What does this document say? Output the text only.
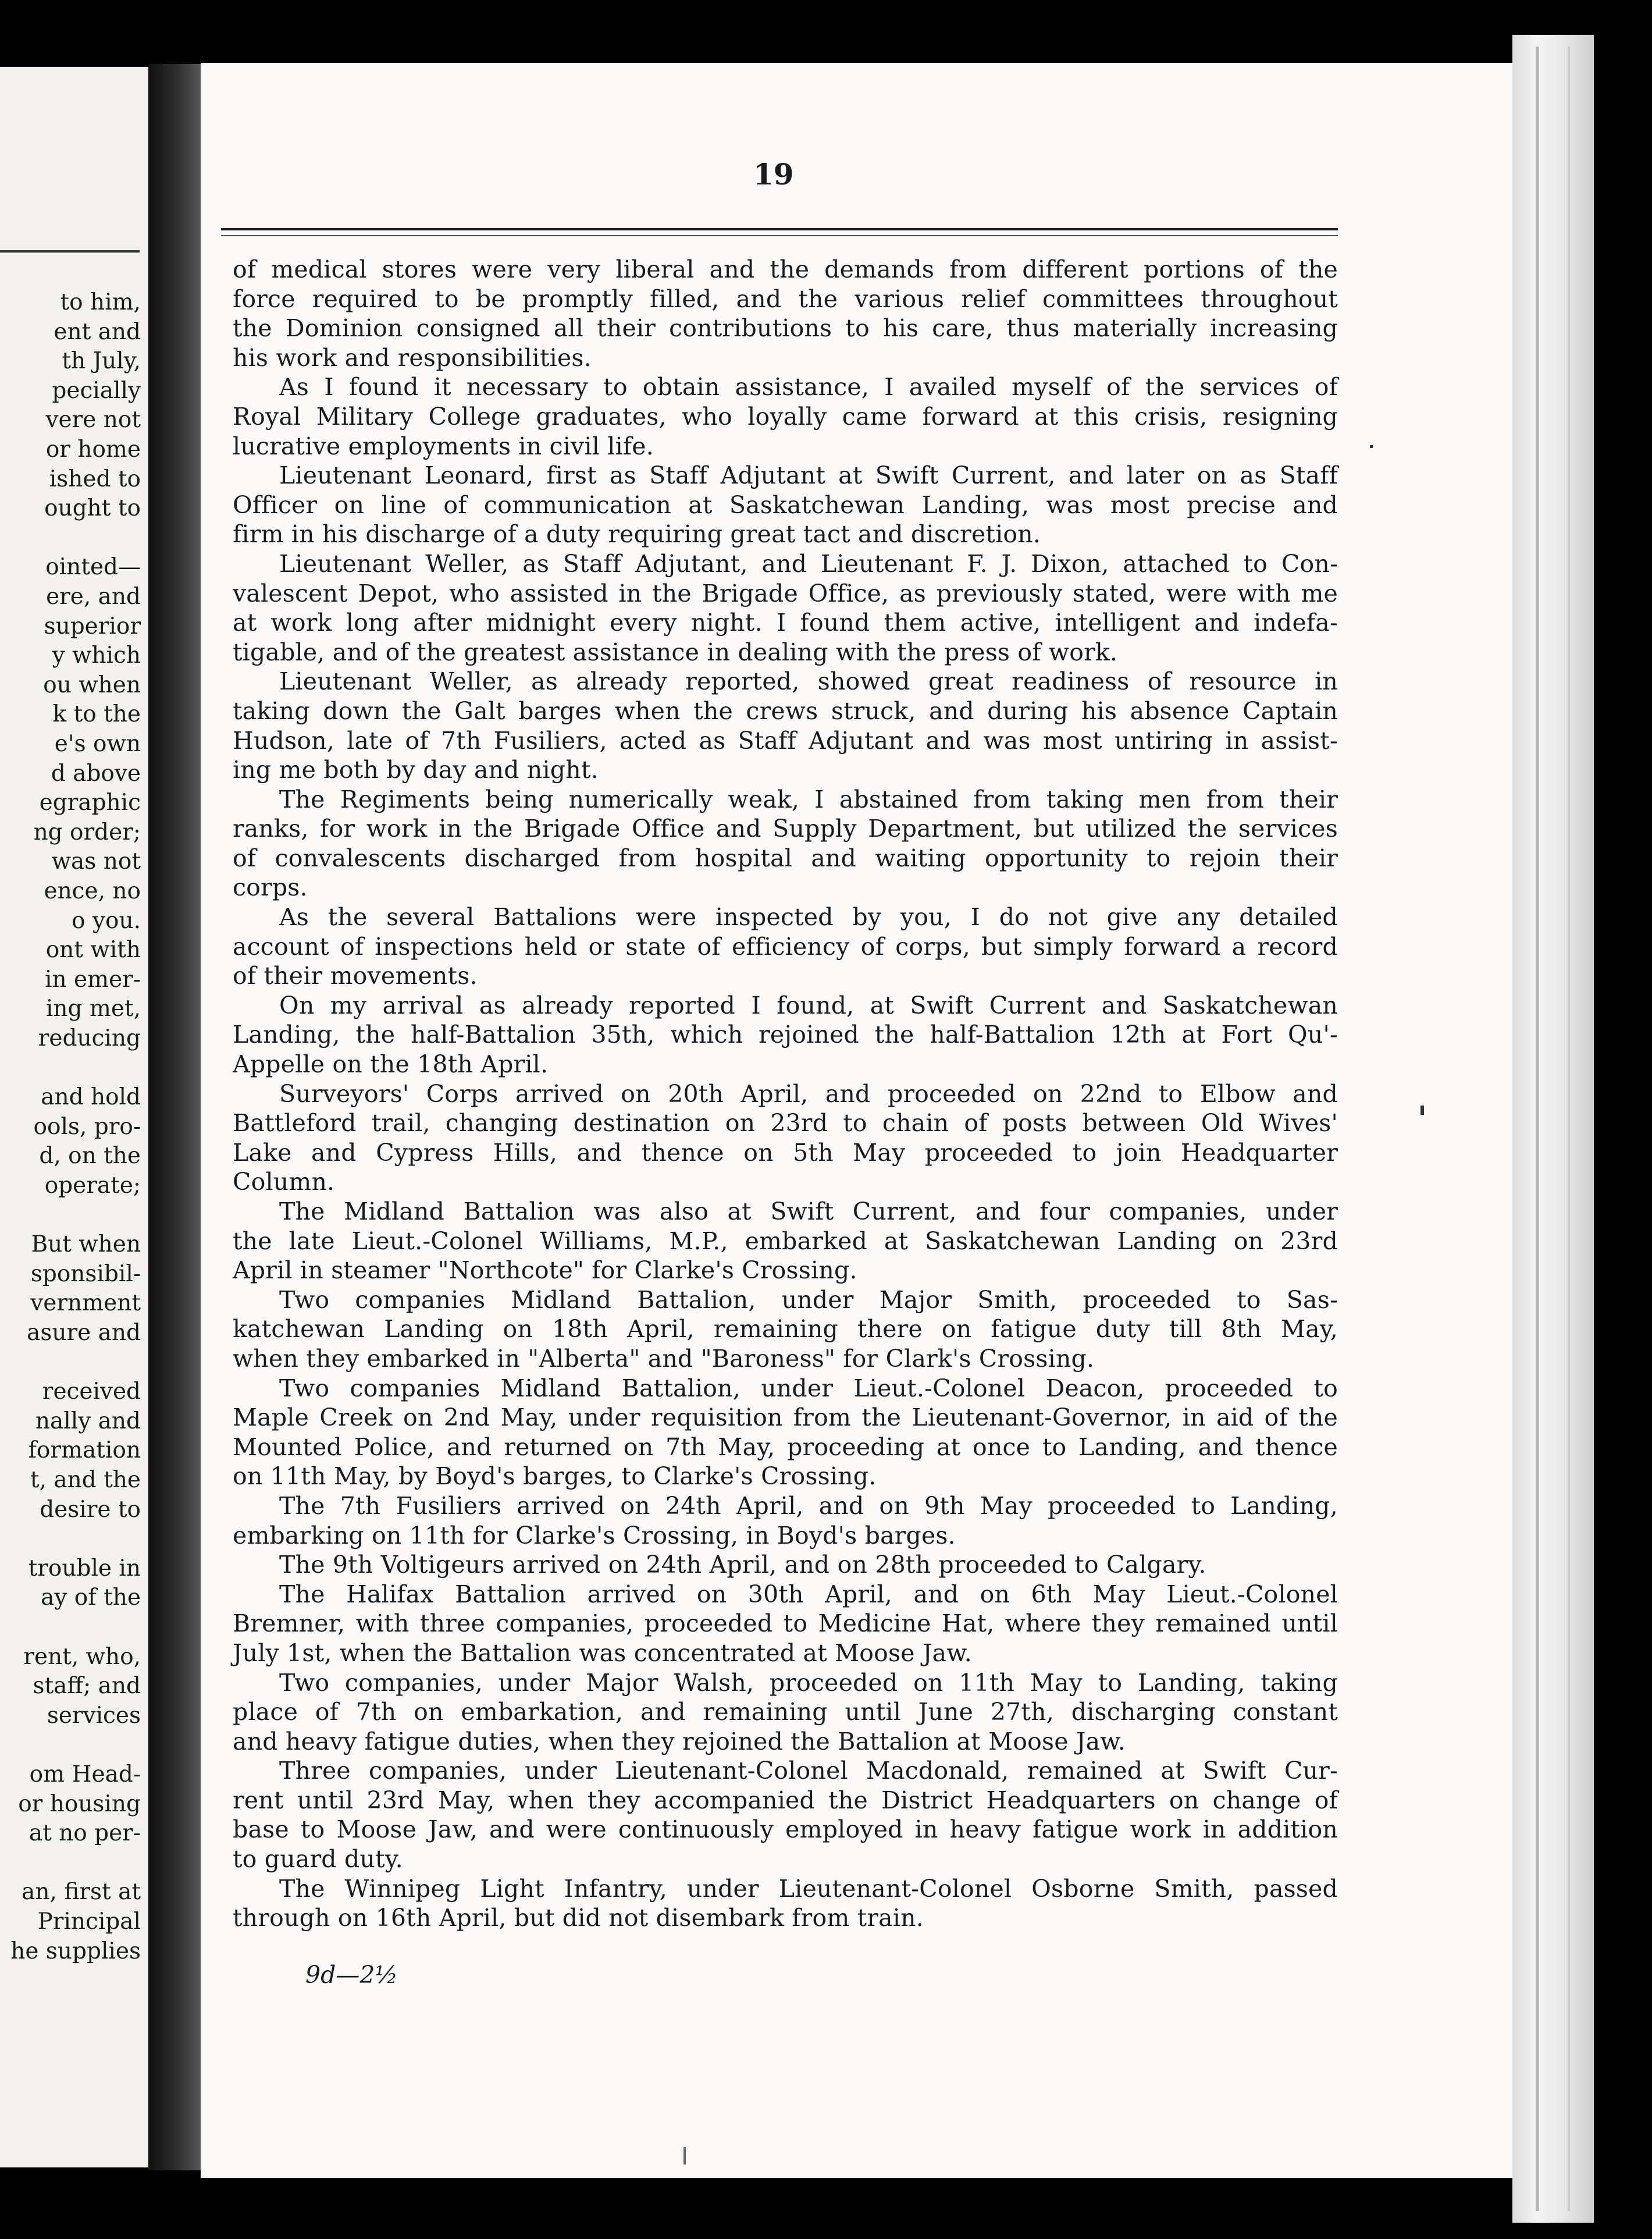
to him,
ent and
th July,
pecially
vere not
or home
ished to
ought to
ointed—
ere, and
superior
y which
ou when
k to the
e's own
d above
egraphic
ng order;
was not
ence, no
o you.
ont with
in emer-
ing met,
reducing
and hold
ools, pro-
d, on the
operate;
But when
sponsibil-
vernment
asure and
received
nally and
formation
t, and the
desire to
trouble in
ay of the
rent, who,
staff; and
services
om Head-
or housing
at no per-
an, first at
Principal
he supplies
19
of medical stores were very liberal and the demands from different portions of the
force required to be promptly filled, and the various relief committees throughout
the Dominion consigned all their contributions to his care, thus materially increasing
his work and responsibilities.
As I found it necessary to obtain assistance, I availed myself of the services of
Royal Military College graduates, who loyally came forward at this crisis, resigning
lucrative employments in civil life.
Lieutenant Leonard, first as Staff Adjutant at Swift Current, and later on as Staff
Officer on line of communication at Saskatchewan Landing, was most precise and
firm in his discharge of a duty requiring great tact and discretion.
Lieutenant Weller, as Staff Adjutant, and Lieutenant F. J. Dixon, attached to Con-
valescent Depot, who assisted in the Brigade Office, as previously stated, were with me
at work long after midnight every night. I found them active, intelligent and indefa-
tigable, and of the greatest assistance in dealing with the press of work.
Lieutenant Weller, as already reported, showed great readiness of resource in
taking down the Galt barges when the crews struck, and during his absence Captain
Hudson, late of 7th Fusiliers, acted as Staff Adjutant and was most untiring in assist-
ing me both by day and night.
The Regiments being numerically weak, I abstained from taking men from their
ranks, for work in the Brigade Office and Supply Department, but utilized the services
of convalescents discharged from hospital and waiting opportunity to rejoin their
corps.
As the several Battalions were inspected by you, I do not give any detailed
account of inspections held or state of efficiency of corps, but simply forward a record
of their movements.
On my arrival as already reported I found, at Swift Current and Saskatchewan
Landing, the half-Battalion 35th, which rejoined the half-Battalion 12th at Fort Qu'-
Appelle on the 18th April.
Surveyors' Corps arrived on 20th April, and proceeded on 22nd to Elbow and
Battleford trail, changing destination on 23rd to chain of posts between Old Wives'
Lake and Cypress Hills, and thence on 5th May proceeded to join Headquarter
Column.
The Midland Battalion was also at Swift Current, and four companies, under
the late Lieut.-Colonel Williams, M.P., embarked at Saskatchewan Landing on 23rd
April in steamer "Northcote" for Clarke's Crossing.
Two companies Midland Battalion, under Major Smith, proceeded to Sas-
katchewan Landing on 18th April, remaining there on fatigue duty till 8th May,
when they embarked in "Alberta" and "Baroness" for Clark's Crossing.
Two companies Midland Battalion, under Lieut.-Colonel Deacon, proceeded to
Maple Creek on 2nd May, under requisition from the Lieutenant-Governor, in aid of the
Mounted Police, and returned on 7th May, proceeding at once to Landing, and thence
on 11th May, by Boyd's barges, to Clarke's Crossing.
The 7th Fusiliers arrived on 24th April, and on 9th May proceeded to Landing,
embarking on 11th for Clarke's Crossing, in Boyd's barges.
The 9th Voltigeurs arrived on 24th April, and on 28th proceeded to Calgary.
The Halifax Battalion arrived on 30th April, and on 6th May Lieut.-Colonel
Bremner, with three companies, proceeded to Medicine Hat, where they remained until
July 1st, when the Battalion was concentrated at Moose Jaw.
Two companies, under Major Walsh, proceeded on 11th May to Landing, taking
place of 7th on embarkation, and remaining until June 27th, discharging constant
and heavy fatigue duties, when they rejoined the Battalion at Moose Jaw.
Three companies, under Lieutenant-Colonel Macdonald, remained at Swift Cur-
rent until 23rd May, when they accompanied the District Headquarters on change of
base to Moose Jaw, and were continuously employed in heavy fatigue work in addition
to guard duty.
The Winnipeg Light Infantry, under Lieutenant-Colonel Osborne Smith, passed
through on 16th April, but did not disembark from train.
9d—2½
